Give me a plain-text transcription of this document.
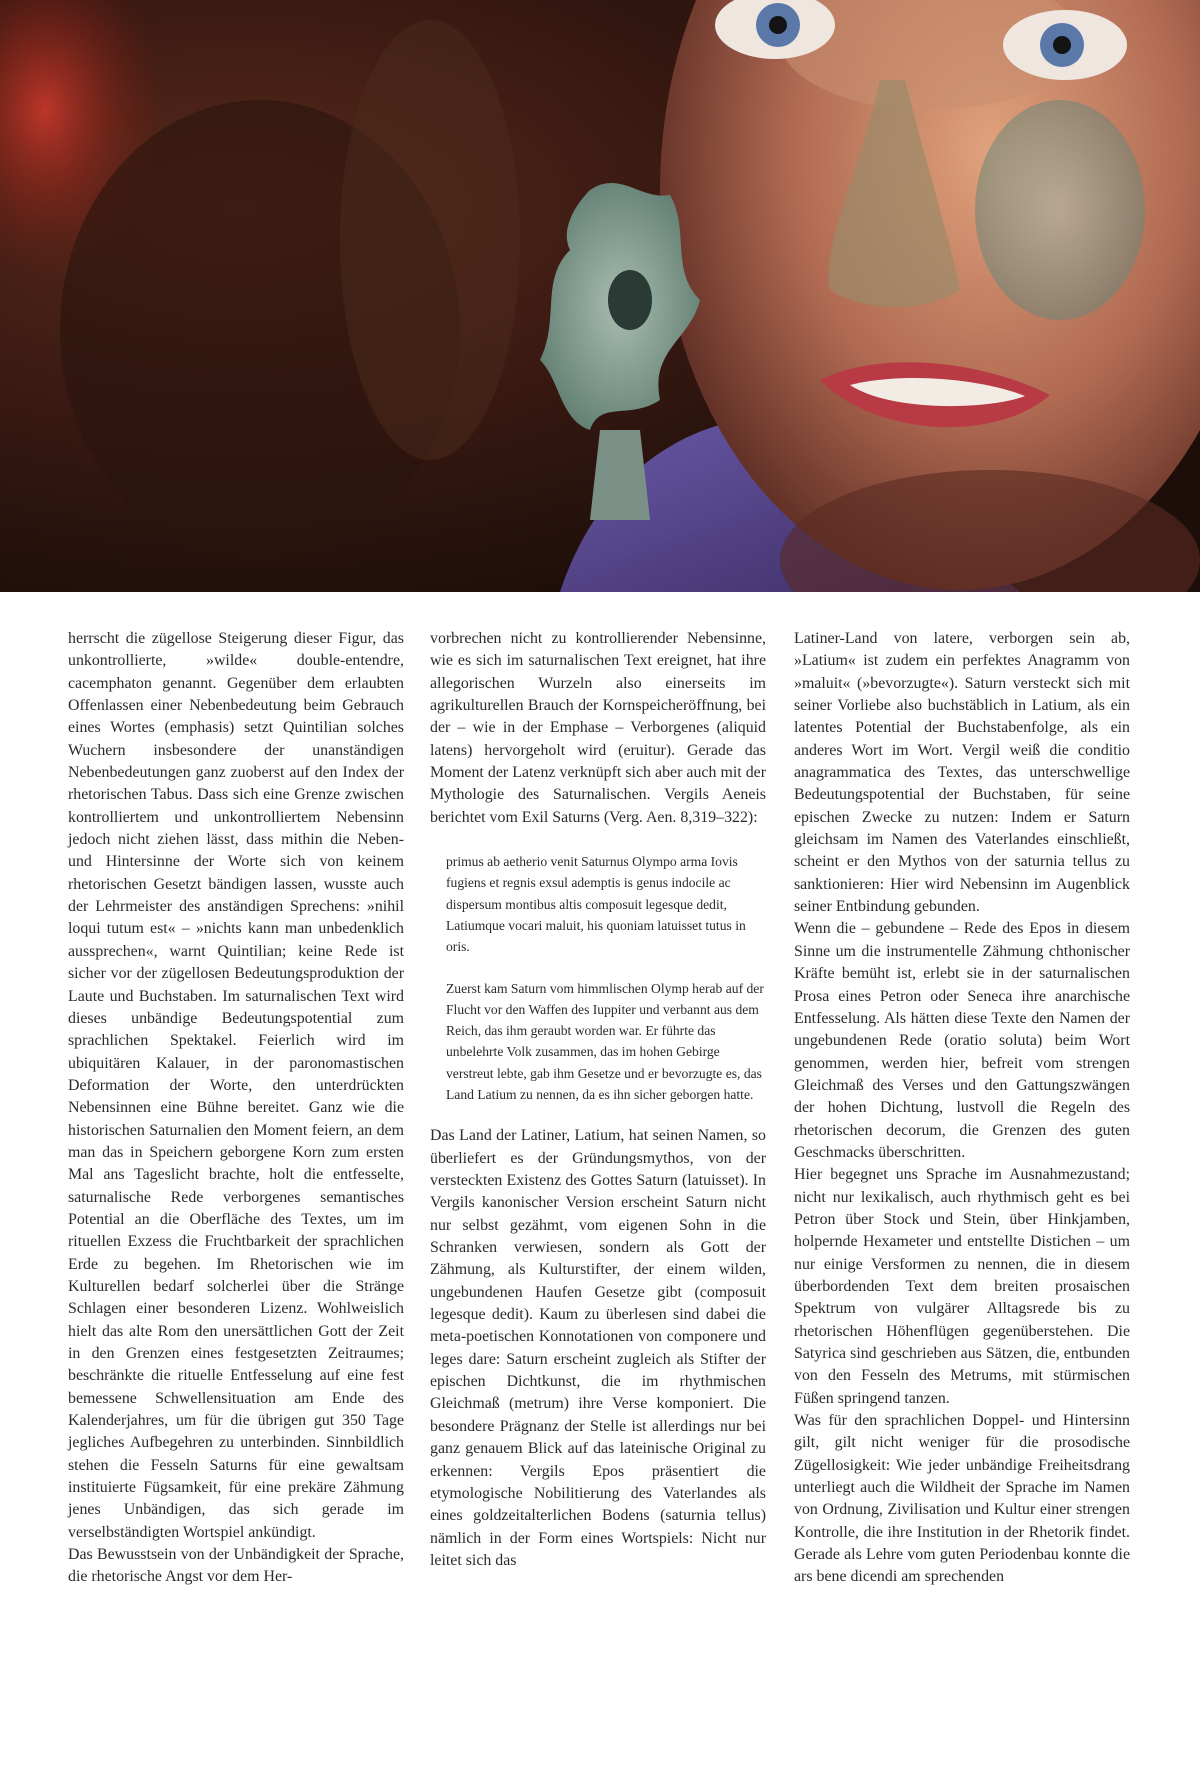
herrscht die zügellose Steigerung dieser Figur, das unkontrollierte, »wilde« double-entendre, cacemphaton genannt. Gegenüber dem erlaubten Offenlassen einer Nebenbedeutung beim Gebrauch eines Wortes (emphasis) setzt Quintilian solches Wuchern insbesondere der unanständigen Nebenbedeutungen ganz zuoberst auf den Index der rhetorischen Tabus. Dass sich eine Grenze zwischen kontrolliertem und unkontrolliertem Nebensinn jedoch nicht ziehen lässt, dass mithin die Neben- und Hintersinne der Worte sich von keinem rhetorischen Gesetzt bändigen lassen, wusste auch der Lehrmeister des anständigen Sprechens: »nihil loqui tutum est« – »nichts kann man unbedenklich aussprechen«, warnt Quintilian; keine Rede ist sicher vor der zügellosen Bedeutungsproduktion der Laute und Buchstaben. Im saturnalischen Text wird dieses unbändige Bedeutungspotential zum sprachlichen Spektakel. Feierlich wird im ubiquitären Kalauer, in der paronomastischen Deformation der Worte, den unterdrückten Nebensinnen eine Bühne bereitet. Ganz wie die historischen Saturnalien den Moment feiern, an dem man das in Speichern geborgene Korn zum ersten Mal ans Tageslicht brachte, holt die entfesselte, saturnalische Rede verborgenes semantisches Potential an die Oberfläche des Textes, um im rituellen Exzess die Fruchtbarkeit der sprachlichen Erde zu begehen. Im Rhetorischen wie im Kulturellen bedarf solcherlei über die Stränge Schlagen einer besonderen Lizenz. Wohlweislich hielt das alte Rom den unersättlichen Gott der Zeit in den Grenzen eines festgesetzten Zeitraumes; beschränkte die rituelle Entfesselung auf eine fest bemessene Schwellensituation am Ende des Kalenderjahres, um für die übrigen gut 350 Tage jegliches Aufbegehren zu unterbinden. Sinnbildlich stehen die Fesseln Saturns für eine gewaltsam instituierte Fügsamkeit, für eine prekäre Zähmung jenes Unbändigen, das sich gerade im verselbständigten Wortspiel ankündigt.

Das Bewusstsein von der Unbändigkeit der Sprache, die rhetorische Angst vor dem Her-

vorbrechen nicht zu kontrollierender Nebensinne, wie es sich im saturnalischen Text ereignet, hat ihre allegorischen Wurzeln also einerseits im agrikulturellen Brauch der Kornspeicheröffnung, bei der – wie in der Emphase – Verborgenes (aliquid latens) hervorgeholt wird (eruitur). Gerade das Moment der Latenz verknüpft sich aber auch mit der Mythologie des Saturnalischen. Vergils Aeneis berichtet vom Exil Saturns (Verg. Aen. 8,319–322):

primus ab aetherio venit Saturnus Olympo arma Iovis fugiens et regnis exsul ademptis is genus indocile ac dispersum montibus altis composuit legesque dedit, Latiumque vocari maluit, his quoniam latuisset tutus in oris.

Zuerst kam Saturn vom himmlischen Olymp herab auf der Flucht vor den Waffen des Iuppiter und verbannt aus dem Reich, das ihm geraubt worden war. Er führte das unbelehrte Volk zusammen, das im hohen Gebirge verstreut lebte, gab ihm Gesetze und er bevorzugte es, das Land Latium zu nennen, da es ihn sicher geborgen hatte.

Das Land der Latiner, Latium, hat seinen Namen, so überliefert es der Gründungsmythos, von der versteckten Existenz des Gottes Saturn (latuisset). In Vergils kanonischer Version erscheint Saturn nicht nur selbst gezähmt, vom eigenen Sohn in die Schranken verwiesen, sondern als Gott der Zähmung, als Kulturstifter, der einem wilden, ungebundenen Haufen Gesetze gibt (composuit legesque dedit). Kaum zu überlesen sind dabei die meta-poetischen Konnotationen von componere und leges dare: Saturn erscheint zugleich als Stifter der epischen Dichtkunst, die im rhythmischen Gleichmaß (metrum) ihre Verse komponiert. Die besondere Prägnanz der Stelle ist allerdings nur bei ganz genauem Blick auf das lateinische Original zu erkennen: Vergils Epos präsentiert die etymologische Nobilitierung des Vaterlandes als eines goldzeitalterlichen Bodens (saturnia tellus) nämlich in der Form eines Wortspiels: Nicht nur leitet sich das

Latiner-Land von latere, verborgen sein ab, »Latium« ist zudem ein perfektes Anagramm von »maluit« (»bevorzugte«). Saturn versteckt sich mit seiner Vorliebe also buchstäblich in Latium, als ein latentes Potential der Buchstabenfolge, als ein anderes Wort im Wort. Vergil weiß die conditio anagrammatica des Textes, das unterschwellige Bedeutungspotential der Buchstaben, für seine epischen Zwecke zu nutzen: Indem er Saturn gleichsam im Namen des Vaterlandes einschließt, scheint er den Mythos von der saturnia tellus zu sanktionieren: Hier wird Nebensinn im Augenblick seiner Entbindung gebunden.

Wenn die – gebundene – Rede des Epos in diesem Sinne um die instrumentelle Zähmung chthonischer Kräfte bemüht ist, erlebt sie in der saturnalischen Prosa eines Petron oder Seneca ihre anarchische Entfesselung. Als hätten diese Texte den Namen der ungebundenen Rede (oratio soluta) beim Wort genommen, werden hier, befreit vom strengen Gleichmaß des Verses und den Gattungszwängen der hohen Dichtung, lustvoll die Regeln des rhetorischen decorum, die Grenzen des guten Geschmacks überschritten.

Hier begegnet uns Sprache im Ausnahmezustand; nicht nur lexikalisch, auch rhythmisch geht es bei Petron über Stock und Stein, über Hinkjamben, holpernde Hexameter und entstellte Distichen – um nur einige Versformen zu nennen, die in diesem überbordenden Text dem breiten prosaischen Spektrum von vulgärer Alltagsrede bis zu rhetorischen Höhenflügen gegenüberstehen. Die Satyrica sind geschrieben aus Sätzen, die, entbunden von den Fesseln des Metrums, mit stürmischen Füßen springend tanzen.

Was für den sprachlichen Doppel- und Hintersinn gilt, gilt nicht weniger für die prosodische Zügellosigkeit: Wie jeder unbändige Freiheitsdrang unterliegt auch die Wildheit der Sprache im Namen von Ordnung, Zivilisation und Kultur einer strengen Kontrolle, die ihre Institution in der Rhetorik findet. Gerade als Lehre vom guten Periodenbau konnte die ars bene dicendi am sprechenden
